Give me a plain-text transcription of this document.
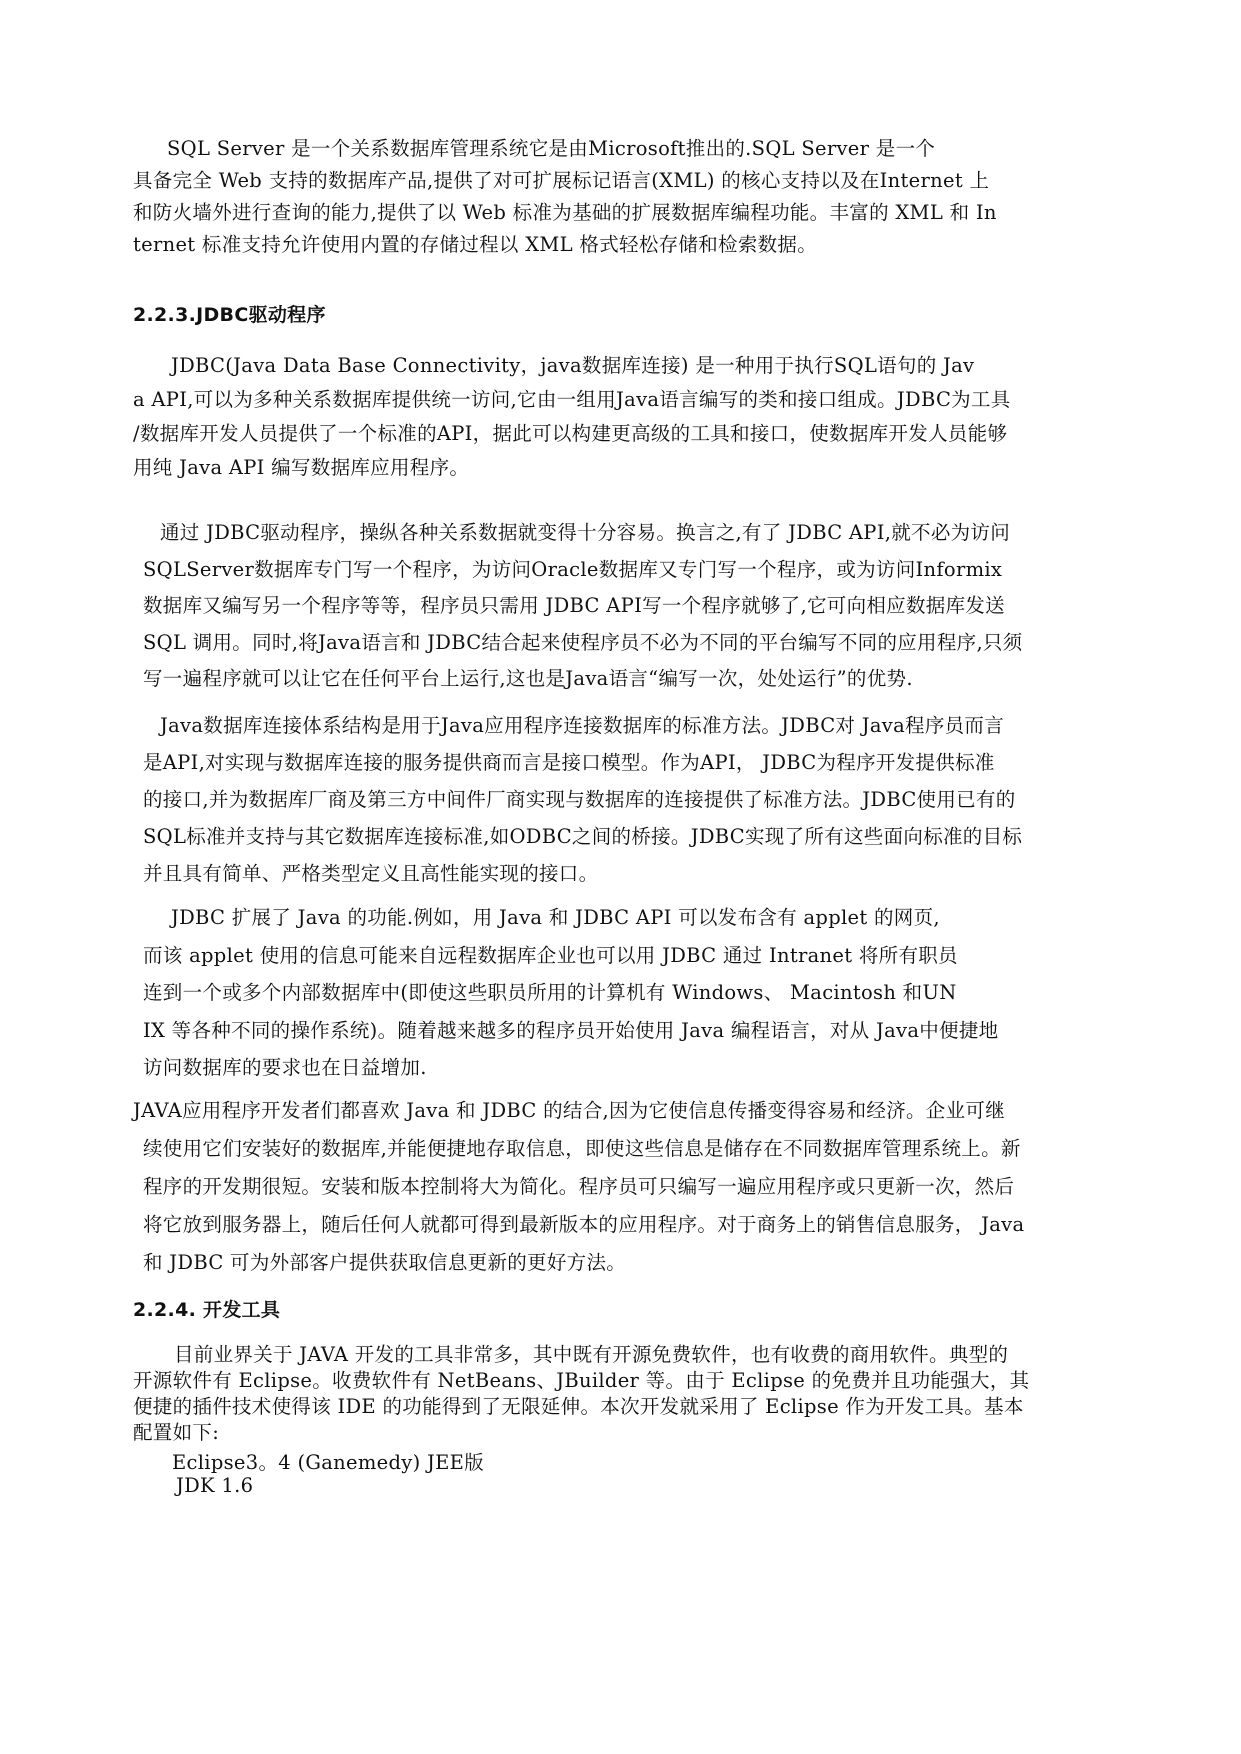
SQL Server 是一个关系数据库管理系统它是由Microsoft推出的.SQL Server 是一个
具备完全 Web 支持的数据库产品,提供了对可扩展标记语言(XML) 的核心支持以及在Internet 上
和防火墙外进行查询的能力,提供了以 Web 标准为基础的扩展数据库编程功能。丰富的 XML 和 In
ternet 标准支持允许使用内置的存储过程以 XML 格式轻松存储和检索数据。
2.2.3.JDBC驱动程序
JDBC(Java Data Base Connectivity，java数据库连接) 是一种用于执行SQL语句的 Jav
a API,可以为多种关系数据库提供统一访问,它由一组用Java语言编写的类和接口组成。JDBC为工具
/数据库开发人员提供了一个标准的API，据此可以构建更高级的工具和接口，使数据库开发人员能够
用纯 Java API 编写数据库应用程序。
通过 JDBC驱动程序，操纵各种关系数据就变得十分容易。换言之,有了 JDBC API,就不必为访问
SQLServer数据库专门写一个程序，为访问Oracle数据库又专门写一个程序，或为访问Informix
数据库又编写另一个程序等等，程序员只需用 JDBC API写一个程序就够了,它可向相应数据库发送
SQL 调用。同时,将Java语言和 JDBC结合起来使程序员不必为不同的平台编写不同的应用程序,只须
写一遍程序就可以让它在任何平台上运行,这也是Java语言“编写一次，处处运行”的优势.
Java数据库连接体系结构是用于Java应用程序连接数据库的标准方法。JDBC对 Java程序员而言
是API,对实现与数据库连接的服务提供商而言是接口模型。作为API， JDBC为程序开发提供标准
的接口,并为数据库厂商及第三方中间件厂商实现与数据库的连接提供了标准方法。JDBC使用已有的
SQL标准并支持与其它数据库连接标准,如ODBC之间的桥接。JDBC实现了所有这些面向标准的目标
并且具有简单、严格类型定义且高性能实现的接口。
JDBC 扩展了 Java 的功能.例如，用 Java 和 JDBC API 可以发布含有 applet 的网页,
而该 applet 使用的信息可能来自远程数据库企业也可以用 JDBC 通过 Intranet 将所有职员
连到一个或多个内部数据库中(即使这些职员所用的计算机有 Windows、 Macintosh 和UN
IX 等各种不同的操作系统)。随着越来越多的程序员开始使用 Java 编程语言，对从 Java中便捷地
访问数据库的要求也在日益增加.
JAVA应用程序开发者们都喜欢 Java 和 JDBC 的结合,因为它使信息传播变得容易和经济。企业可继
续使用它们安装好的数据库,并能便捷地存取信息，即使这些信息是储存在不同数据库管理系统上。新
程序的开发期很短。安装和版本控制将大为简化。程序员可只编写一遍应用程序或只更新一次，然后
将它放到服务器上，随后任何人就都可得到最新版本的应用程序。对于商务上的销售信息服务， Java
和 JDBC 可为外部客户提供获取信息更新的更好方法。
2.2.4. 开发工具
目前业界关于 JAVA 开发的工具非常多，其中既有开源免费软件，也有收费的商用软件。典型的
开源软件有 Eclipse。收费软件有 NetBeans、JBuilder 等。由于 Eclipse 的免费并且功能强大，其
便捷的插件技术使得该 IDE 的功能得到了无限延伸。本次开发就采用了 Eclipse 作为开发工具。基本
配置如下:
Eclipse3。4 (Ganemedy) JEE版
JDK 1.6
